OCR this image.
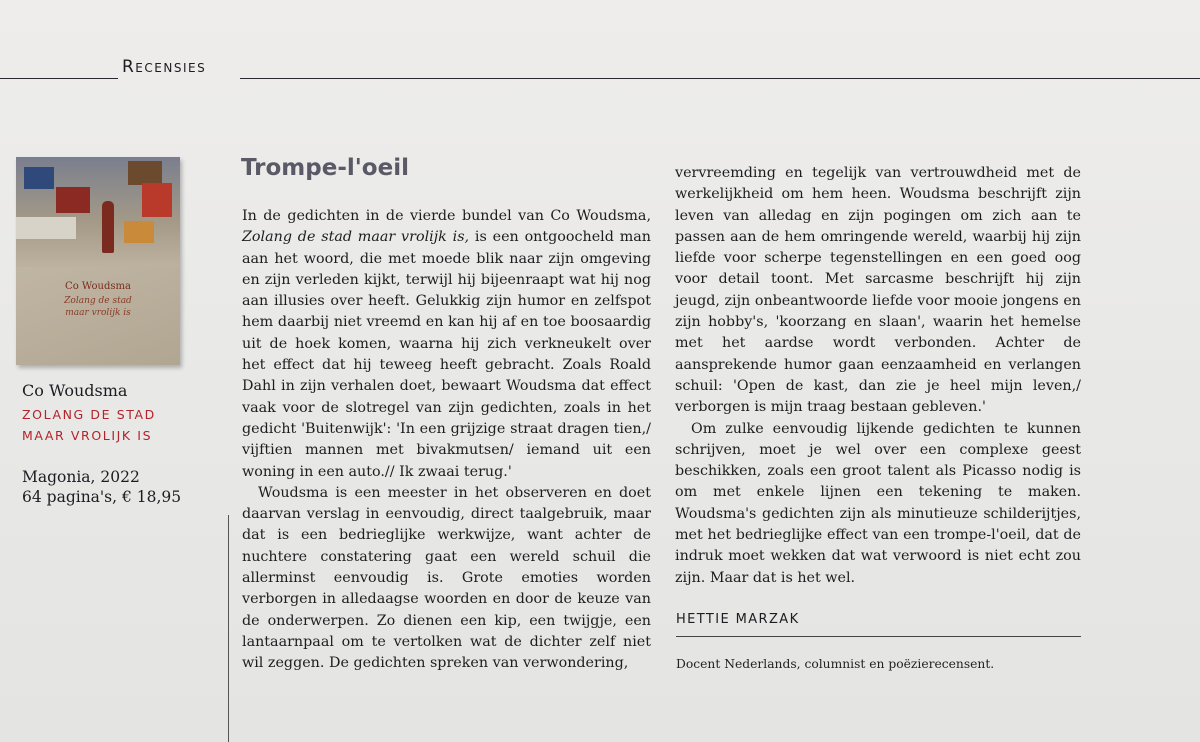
Recensies
Co Woudsma
Zolang de stad maar vrolijk is
Co Woudsma
ZOLANG DE STAD
MAAR VROLIJK IS
Magonia, 2022
64 pagina's, € 18,95
Trompe-l'oeil

In de gedichten in de vierde bundel van Co Woudsma, Zolang de stad maar vrolijk is, is een ontgoocheld man aan het woord, die met moede blik naar zijn omgeving en zijn verleden kijkt, terwijl hij bijeenraapt wat hij nog aan illusies over heeft. Gelukkig zijn humor en zelfspot hem daarbij niet vreemd en kan hij af en toe boosaardig uit de hoek komen, waarna hij zich verkneukelt over het effect dat hij teweeg heeft gebracht. Zoals Roald Dahl in zijn verhalen doet, bewaart Woudsma dat effect vaak voor de slotregel van zijn gedichten, zoals in het gedicht 'Buitenwijk': 'In een grijzige straat dragen tien,/ vijftien mannen met bivakmutsen/ iemand uit een woning in een auto.// Ik zwaai terug.'

Woudsma is een meester in het observeren en doet daarvan verslag in eenvoudig, direct taalgebruik, maar dat is een bedrieglijke werkwijze, want achter de nuchtere constatering gaat een wereld schuil die allerminst eenvoudig is. Grote emoties worden verborgen in alledaagse woorden en door de keuze van de onderwerpen. Zo dienen een kip, een twijgje, een lantaarnpaal om te vertolken wat de dichter zelf niet wil zeggen. De gedichten spreken van verwondering,

vervreemding en tegelijk van vertrouwdheid met de werkelijkheid om hem heen. Woudsma beschrijft zijn leven van alledag en zijn pogingen om zich aan te passen aan de hem omringende wereld, waarbij hij zijn liefde voor scherpe tegenstellingen en een goed oog voor detail toont. Met sarcasme beschrijft hij zijn jeugd, zijn onbeantwoorde liefde voor mooie jongens en zijn hobby's, 'koorzang en slaan', waarin het hemelse met het aardse wordt verbonden. Achter de aansprekende humor gaan eenzaamheid en verlangen schuil: 'Open de kast, dan zie je heel mijn leven,/ verborgen is mijn traag bestaan gebleven.'

Om zulke eenvoudig lijkende gedichten te kunnen schrijven, moet je wel over een complexe geest beschikken, zoals een groot talent als Picasso nodig is om met enkele lijnen een tekening te maken. Woudsma's gedichten zijn als minutieuze schilderijtjes, met het bedrieglijke effect van een trompe-l'oeil, dat de indruk moet wekken dat wat verwoord is niet echt zou zijn. Maar dat is het wel.

HETTIE MARZAK
Docent Nederlands, columnist en poëzierecensent.
